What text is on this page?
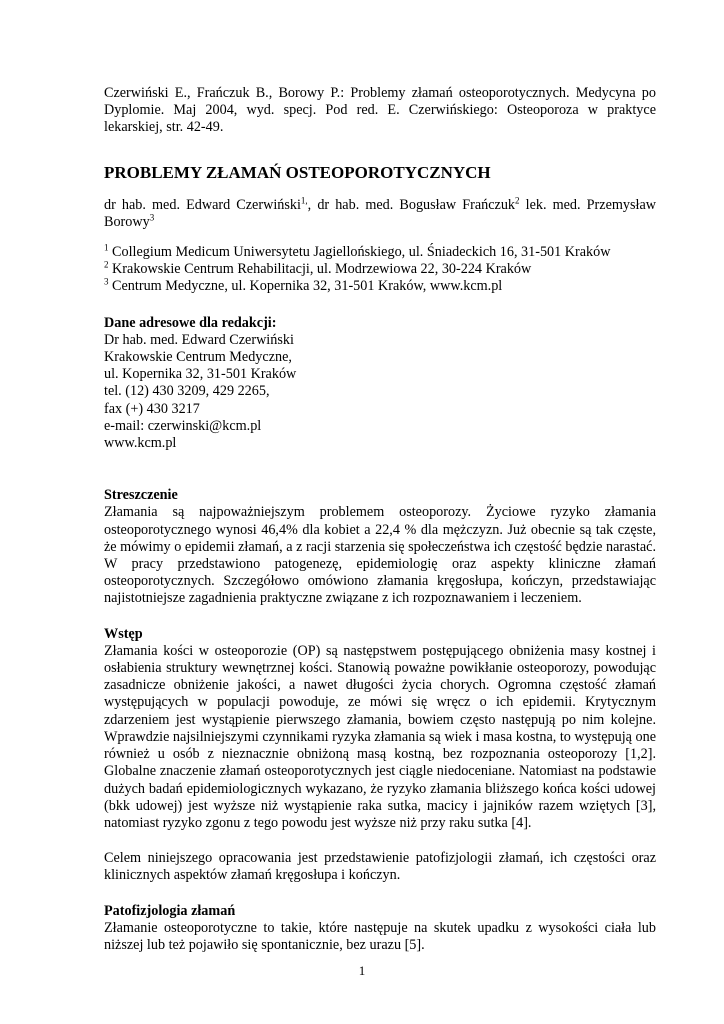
Czerwiński E., Frańczuk B., Borowy P.: Problemy złamań osteoporotycznych. Medycyna po Dyplomie. Maj 2004, wyd. specj. Pod red. E. Czerwińskiego: Osteoporoza w praktyce lekarskiej, str. 42-49.

PROBLEMY ZŁAMAŃ OSTEOPOROTYCZNYCH

dr hab. med. Edward Czerwiński$^{1,}$, dr hab. med. Bogusław Frańczuk$^2$ lek. med. Przemysław Borowy$^3$

$^1$ Collegium Medicum Uniwersytetu Jagiellońskiego, ul. Śniadeckich 16, 31-501 Kraków

$^2$ Krakowskie Centrum Rehabilitacji, ul. Modrzewiowa 22, 30-224 Kraków

$^3$ Centrum Medyczne, ul. Kopernika 32, 31-501 Kraków, www.kcm.pl

Dane adresowe dla redakcji:

Dr hab. med. Edward Czerwiński

Krakowskie Centrum Medyczne,

ul. Kopernika 32, 31-501 Kraków

tel. (12) 430 3209, 429 2265,

fax (+) 430 3217

e-mail: czerwinski@kcm.pl

www.kcm.pl

Streszczenie

Złamania są najpoważniejszym problemem osteoporozy. Życiowe ryzyko złamania osteoporotycznego wynosi 46,4% dla kobiet a 22,4 % dla mężczyzn. Już obecnie są tak częste, że mówimy o epidemii złamań, a z racji starzenia się społeczeństwa ich częstość będzie narastać. W pracy przedstawiono patogenezę, epidemiologię oraz aspekty kliniczne złamań osteoporotycznych. Szczegółowo omówiono złamania kręgosłupa, kończyn, przedstawiając najistotniejsze zagadnienia praktyczne związane z ich rozpoznawaniem i leczeniem.

Wstęp

Złamania kości w osteoporozie (OP) są następstwem postępującego obniżenia masy kostnej i osłabienia struktury wewnętrznej kości. Stanowią poważne powikłanie osteoporozy, powodując zasadnicze obniżenie jakości, a nawet długości życia chorych. Ogromna częstość złamań występujących w populacji powoduje, ze mówi się wręcz o ich epidemii. Krytycznym zdarzeniem jest wystąpienie pierwszego złamania, bowiem często następują po nim kolejne. Wprawdzie najsilniejszymi czynnikami ryzyka złamania są wiek i masa kostna, to występują one również u osób z nieznacznie obniżoną masą kostną, bez rozpoznania osteoporozy [1,2]. Globalne znaczenie złamań osteoporotycznych jest ciągle niedoceniane. Natomiast na podstawie dużych badań epidemiologicznych wykazano, że ryzyko złamania bliższego końca kości udowej (bkk udowej) jest wyższe niż wystąpienie raka sutka, macicy i jajników razem wziętych [3], natomiast ryzyko zgonu z tego powodu jest wyższe niż przy raku sutka [4].

Celem niniejszego opracowania jest przedstawienie patofizjologii złamań, ich częstości oraz klinicznych aspektów złamań kręgosłupa i kończyn.

Patofizjologia złamań

Złamanie osteoporotyczne to takie, które następuje na skutek upadku z wysokości ciała lub niższej lub też pojawiło się spontanicznie, bez urazu [5].

1
